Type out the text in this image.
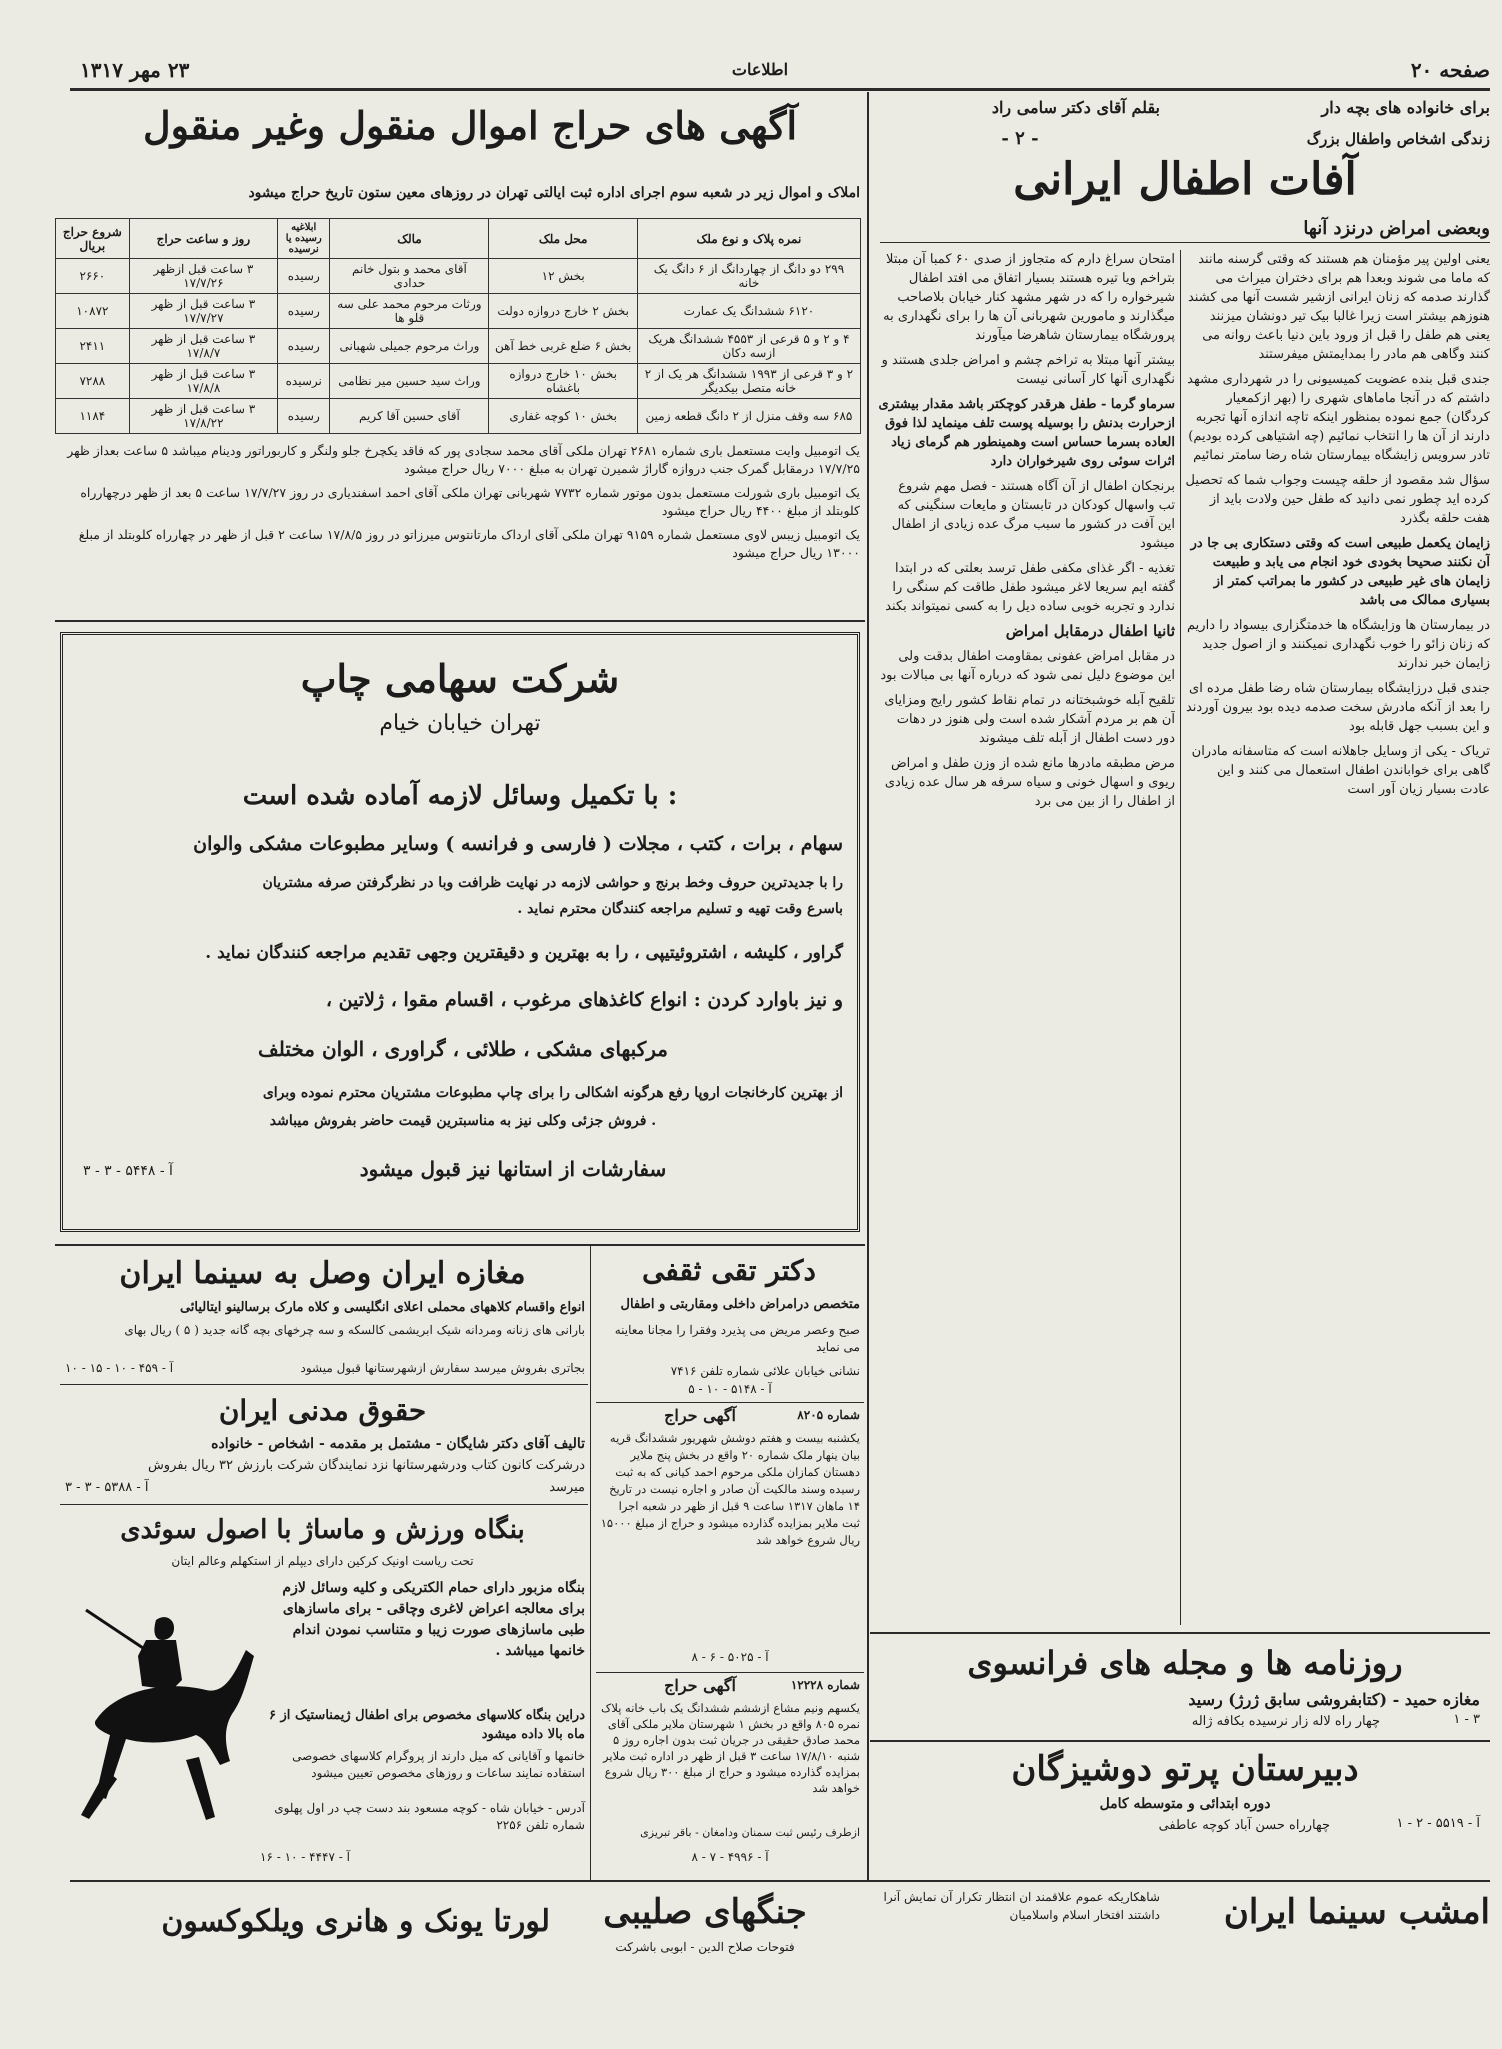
صفحه ۲۰
اطلاعات
۲۳ مهر ۱۳۱۷
برای خانواده های بچه دار
بقلم آقای دکتر سامی راد
زندگی اشخاص واطفال بزرگ
- ۲ -
آفات اطفال ایرانی
وبعضی امراض درنزد آنها

یعنی اولین پیر مؤمنان هم هستند که وقتی گرسنه مانند که ماما می شوند وبعدا هم برای دختران میراث می گذارند صدمه که زنان ایرانی ازشیر شست آنها می کشند هنوزهم بیشتر است زیرا غالبا بیک تیر دونشان میزنند یعنی هم طفل را قبل از ورود باین دنیا باعث روانه می کنند وگاهی هم مادر را بمدایمتش میفرستند

جندی قبل بنده عضویت کمیسیونی را در شهرداری مشهد داشتم که در آنجا ماماهای شهری را (بهر ازکمعیار کردگان) جمع نموده بمنظور اینکه تاچه اندازه آنها تجربه دارند از آن ها را انتخاب نمائیم (چه اشتیاهی کرده بودیم) تادر سرویس زایشگاه بیمارستان شاه رضا سامتر نمائیم

سؤال شد مقصود از حلقه چیست وجواب شما که تحصیل کرده اید چطور نمی دانید که طفل حین ولادت باید از هفت حلقه بگذرد

زایمان یکعمل طبیعی است که وقتی دستکاری بی جا در آن نکنند صحیحا بخودی خود انجام می یابد و طبیعت زایمان های غیر طبیعی در کشور ما بمراتب کمتر از بسیاری ممالک می باشد

در بیمارستان ها وزایشگاه ها خدمتگزاری بیسواد را داریم که زنان زائو را خوب نگهداری نمیکنند و از اصول جدید زایمان خبر ندارند

جندی قبل درزایشگاه بیمارستان شاه رضا طفل مرده ای را بعد از آنکه مادرش سخت صدمه دیده بود بیرون آوردند و این بسبب جهل قابله بود

تریاک - یکی از وسایل جاهلانه است که متاسفانه مادران گاهی برای خواباندن اطفال استعمال می کنند و این عادت بسیار زیان آور است

امتحان سراغ دارم که متجاوز از صدی ۶۰ کمبا آن مبتلا بتراخم ویا تیره هستند بسیار اتفاق می افتد اطفال شیرخواره را که در شهر مشهد کنار خیابان بلاصاحب میگذارند و مامورین شهربانی آن ها را برای نگهداری به پرورشگاه بیمارستان شاهرضا میآورند

بیشتر آنها مبتلا به تراخم چشم و امراض جلدی هستند و نگهداری آنها کار آسانی نیست

سرماو گرما - طفل هرقدر کوچکتر باشد مقدار بیشتری ازحرارت بدنش را بوسیله پوست تلف مینماید لذا فوق العاده بسرما حساس است وهمینطور هم گرمای زیاد اثرات سوئی روی شیرخواران دارد

برنجکان اطفال از آن آگاه هستند - فصل مهم شروع تب واسهال کودکان در تابستان و مایعات سنگینی که این آفت در کشور ما سبب مرگ عده زیادی از اطفال میشود

تغذیه - اگر غذای مکفی طفل ترسد بعلتی که در ابتدا گفته ایم سریعا لاغر میشود طفل طاقت کم سنگی را ندارد و تجربه خوبی ساده دیل را به کسی نمیتواند بکند

ثانیا اطفال درمقابل امراض

در مقابل امراض عفونی بمقاومت اطفال بدقت ولی این موضوع دلیل نمی شود که درباره آنها بی مبالات بود

تلقیح آبله خوشبختانه در تمام نقاط کشور رایج ومزایای آن هم بر مردم آشکار شده است ولی هنوز در دهات دور دست اطفال از آبله تلف میشوند

مرض مطبقه مادرها مانع شده از وزن طفل و امراض ریوی و اسهال خونی و سیاه سرفه هر سال عده زیادی از اطفال را از بین می برد

روزنامه ها و مجله های فرانسوی
مغازه حمید - (کتابفروشی سابق ژرژ) رسید
چهار راه لاله زار نرسیده بکافه ژاله	۱ - ۳
دبیرستان پرتو دوشیزگان
دوره ابتدائی و متوسطه کامل
چهارراه حسن آباد کوچه عاطفی	آ - ۵۵۱۹ - ۲ - ۱
آگهی های حراج اموال منقول وغیر منقول
املاک و اموال زیر در شعبه سوم اجرای اداره ثبت ایالتی تهران در روزهای معین ستون تاریخ حراج میشود
نمره پلاک و نوع ملک	محل ملک	مالک	ابلاغیه رسیده یا نرسیده	روز و ساعت حراج	شروع حراج بریال
۲۹۹ دو دانگ از چهاردانگ از ۶ دانگ یک خانه	بخش ۱۲	آقای محمد و بتول خانم حدادی	رسیده	۳ ساعت قبل ازظهر ۱۷/۷/۲۶	۲۶۶۰
۶۱۲۰ ششدانگ یک عمارت	بخش ۲ خارج دروازه دولت	ورثات مرحوم محمد علی سه قلو ها	رسیده	۳ ساعت قبل از ظهر ۱۷/۷/۲۷	۱۰۸۷۲
۴ و ۲ و ۵ قرعی از ۴۵۵۳ ششدانگ هریک ازسه دکان	بخش ۶ ضلع غربی خط آهن	وراث مرحوم جمیلی شهبانی	رسیده	۳ ساعت قبل از ظهر ۱۷/۸/۷	۲۴۱۱
۲ و ۳ قرعی از ۱۹۹۳ ششدانگ هر یک از ۲ خانه متصل بیکدیگر	بخش ۱۰ خارج دروازه باغشاه	وراث سید حسین میر نظامی	نرسیده	۳ ساعت قبل از ظهر ۱۷/۸/۸	۷۲۸۸
۶۸۵ سه وقف منزل از ۲ دانگ قطعه زمین	بخش ۱۰ کوچه غفاری	آقای حسین آقا کریم	رسیده	۳ ساعت قبل از ظهر ۱۷/۸/۲۲	۱۱۸۴
یک اتومبیل وایت مستعمل باری شماره ۲۶۸۱ تهران ملکی آقای محمد سجادی پور که فاقد یکچرخ جلو ولنگر و کاربوراتور ودینام میباشد ۵ ساعت بعداز ظهر ۱۷/۷/۲۵ درمقابل گمرک جنب دروازه گاراژ شمیرن تهران به مبلغ ۷۰۰۰ ریال حراج میشود
یک اتومبیل باری شورلت مستعمل بدون موتور شماره ۷۷۳۲ شهربانی تهران ملکی آقای احمد اسفندیاری در روز ۱۷/۷/۲۷ ساعت ۵ بعد از ظهر درچهارراه کلوبتلد از مبلغ ۴۴۰۰ ریال حراج میشود
یک اتومبیل زیبس لاوی مستعمل شماره ۹۱۵۹ تهران ملکی آقای ارداک مارتانتوس میرزاتو در روز ۱۷/۸/۵ ساعت ۲ قبل از ظهر در چهارراه کلوبتلد از مبلغ ۱۳۰۰۰ ریال حراج میشود
شرکت سهامی چاپ
تهران خیابان خیام
با تکمیل وسائل لازمه آماده شده است :
سهام ، برات ، کتب ، مجلات ( فارسی و فرانسه ) وسایر مطبوعات مشکی والوان
را با جدیدترین حروف وخط برنج و حواشی لازمه در نهایت ظرافت وبا در نظرگرفتن صرفه مشتریان
باسرع وقت تهیه و تسلیم مراجعه کنندگان محترم نماید .
گراور ، کلیشه ، اشتروئیتیپی ، را به بهترین و دقیقترین وجهی تقدیم مراجعه کنندگان نماید .
و نیز باوارد کردن : انواع کاغذهای مرغوب ، اقسام مقوا ، ژلاتین ،
مرکبهای مشکی ، طلائی ، گراوری ، الوان مختلف
از بهترین کارخانجات اروپا رفع هرگونه اشکالی را برای چاپ مطبوعات مشتریان محترم نموده وبرای
فروش جزئی وکلی نیز به مناسبترین قیمت حاضر بفروش میباشد .
سفارشات از استانها نیز قبول میشود
آ - ۵۴۴۸ - ۳ - ۳
مغازه ایران وصل به سینما ایران
انواع واقسام کلاههای محملی اعلای انگلیسی و کلاه مارک برسالینو ایتالیائی
بارانی های زنانه ومردانه شیک ابریشمی کالسکه و سه چرخهای بچه گانه جدید ( ۵ ) ریال بهای
بجاتری بفروش میرسد سفارش ازشهرستانها قبول میشود
آ - ۴۵۹ - ۱۰ - ۱۵ - ۱۰
حقوق مدنی ایران
تالیف آقای دکتر شایگان - مشتمل بر مقدمه - اشخاص - خانواده
درشرکت کانون کتاب ودرشهرستانها نزد نمایندگان شرکت بارزش ۳۲ ریال بفروش
میرسد
آ - ۵۳۸۸ - ۳ - ۳
بنگاه ورزش و ماساژ با اصول سوئدی
تحت ریاست اونیک کرکین دارای دیپلم از استکهلم وعالم ایتان
بنگاه مزبور دارای حمام الکتریکی و کلیه وسائل لازم برای معالجه اعراض لاغری وچاقی - برای ماسازهای طبی ماسازهای صورت زیبا و متناسب نمودن اندام خانمها میباشد .
دراین بنگاه کلاسهای مخصوص برای اطفال ژیمناستیک از ۶ ماه بالا داده میشود
خانمها و آقایانی که میل دارند از پروگرام کلاسهای خصوصی استفاده نمایند ساعات و روزهای مخصوص تعیین میشود
آدرس - خیابان شاه - کوچه مسعود بند دست چپ در اول پهلوی شماره تلفن ۲۲۵۶
آ - ۴۴۴۷ - ۱۰ - ۱۶
دکتر تقی ثقفی
متخصص درامراض داخلی ومقاربتی و اطفال
صبح وعصر مریض می پذیرد وفقرا را مجانا معاینه می نماید
نشانی خیابان علائی شماره تلفن ۷۴۱۶
آ - ۵۱۴۸ - ۱۰ - ۵
شماره ۸۲۰۵
آگهی حراج
یکشنبه بیست و هفتم دوشش شهریور ششدانگ قریه بیان ینهار ملک شماره ۲۰ واقع در بخش پنج ملایر دهستان کمازان ملکی مرحوم احمد کیانی که به ثبت رسیده وسند مالکیت آن صادر و اجاره نیست در تاریخ ۱۴ ماهان ۱۳۱۷ ساعت ۹ قبل از ظهر در شعبه اجرا ثبت ملایر بمزایده گذارده میشود و حراج از مبلغ ۱۵۰۰۰ ریال شروع خواهد شد
آ - ۵۰۲۵ - ۶ - ۸
شماره ۱۲۲۲۸
آگهی حراج
یکسهم ونیم مشاع ازششم ششدانگ یک باب خانه پلاک نمره ۸۰۵ واقع در بخش ۱ شهرستان ملایر ملکی آقای محمد صادق حقیقی در جریان ثبت بدون اجاره روز ۵ شنبه ۱۷/۸/۱۰ ساعت ۳ قبل از ظهر در اداره ثبت ملایر بمزایده گذارده میشود و حراج از مبلغ ۳۰۰ ریال شروع خواهد شد
ازطرف رئیس ثبت سمنان ودامغان - باقر تبریزی
آ - ۴۹۹۶ - ۷ - ۸
امشب سینما ایران
شاهکاریکه عموم علاقمند ان انتظار تکرار آن نمایش آنرا داشتند افتخار اسلام واسلامیان
جنگهای صلیبی
فتوحات صلاح الدین - ابوبی باشرکت
لورتا یونک و هانری ویلکوکسون
